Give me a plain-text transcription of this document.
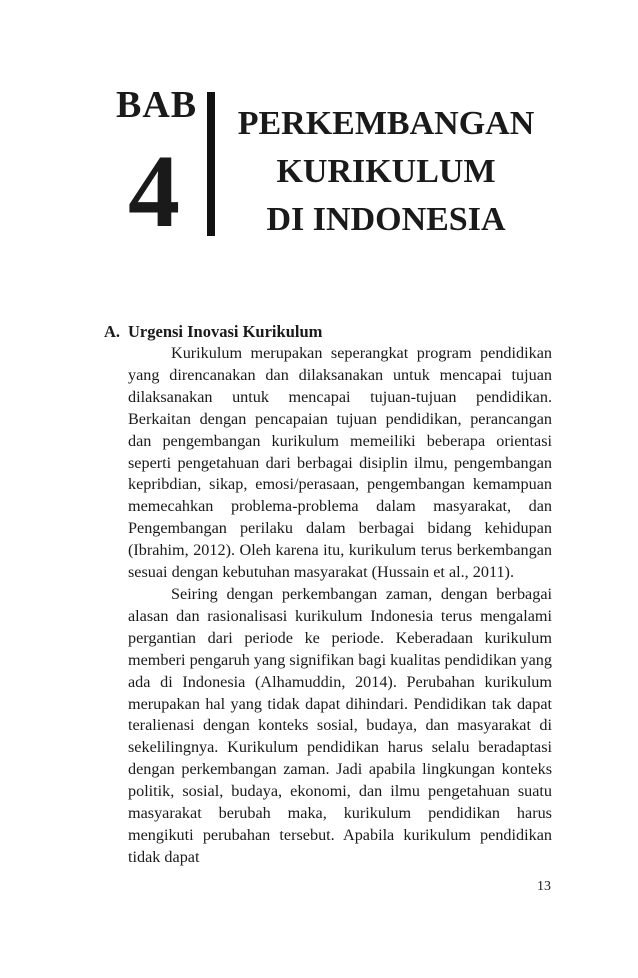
BAB
4
PERKEMBANGAN
KURIKULUM
DI INDONESIA
A. Urgensi Inovasi Kurikulum

Kurikulum merupakan seperangkat program pendidikan yang direncanakan dan dilaksanakan untuk mencapai tujuan dilaksanakan untuk mencapai tujuan-tujuan pendidikan. Berkaitan dengan pencapaian tujuan pendidikan, perancangan dan pengembangan kurikulum memeiliki beberapa orientasi seperti pengetahuan dari berbagai disiplin ilmu, pengembangan kepribdian, sikap, emosi/perasaan, pengembangan kemampuan memecahkan problema-problema dalam masyarakat, dan Pengembangan perilaku dalam berbagai bidang kehidupan (Ibrahim, 2012). Oleh karena itu, kurikulum terus berkembangan sesuai dengan kebutuhan masyarakat (Hussain et al., 2011).

Seiring dengan perkembangan zaman, dengan berbagai alasan dan rasionalisasi kurikulum Indonesia terus mengalami pergantian dari periode ke periode. Keberadaan kurikulum memberi pengaruh yang signifikan bagi kualitas pendidikan yang ada di Indonesia (Alhamuddin, 2014). Perubahan kurikulum merupakan hal yang tidak dapat dihindari. Pendidikan tak dapat teralienasi dengan konteks sosial, budaya, dan masyarakat di sekelilingnya. Kurikulum pendidikan harus selalu beradaptasi dengan perkembangan zaman. Jadi apabila lingkungan konteks politik, sosial, budaya, ekonomi, dan ilmu pengetahuan suatu masyarakat berubah maka, kurikulum pendidikan harus mengikuti perubahan tersebut. Apabila kurikulum pendidikan tidak dapat

13
